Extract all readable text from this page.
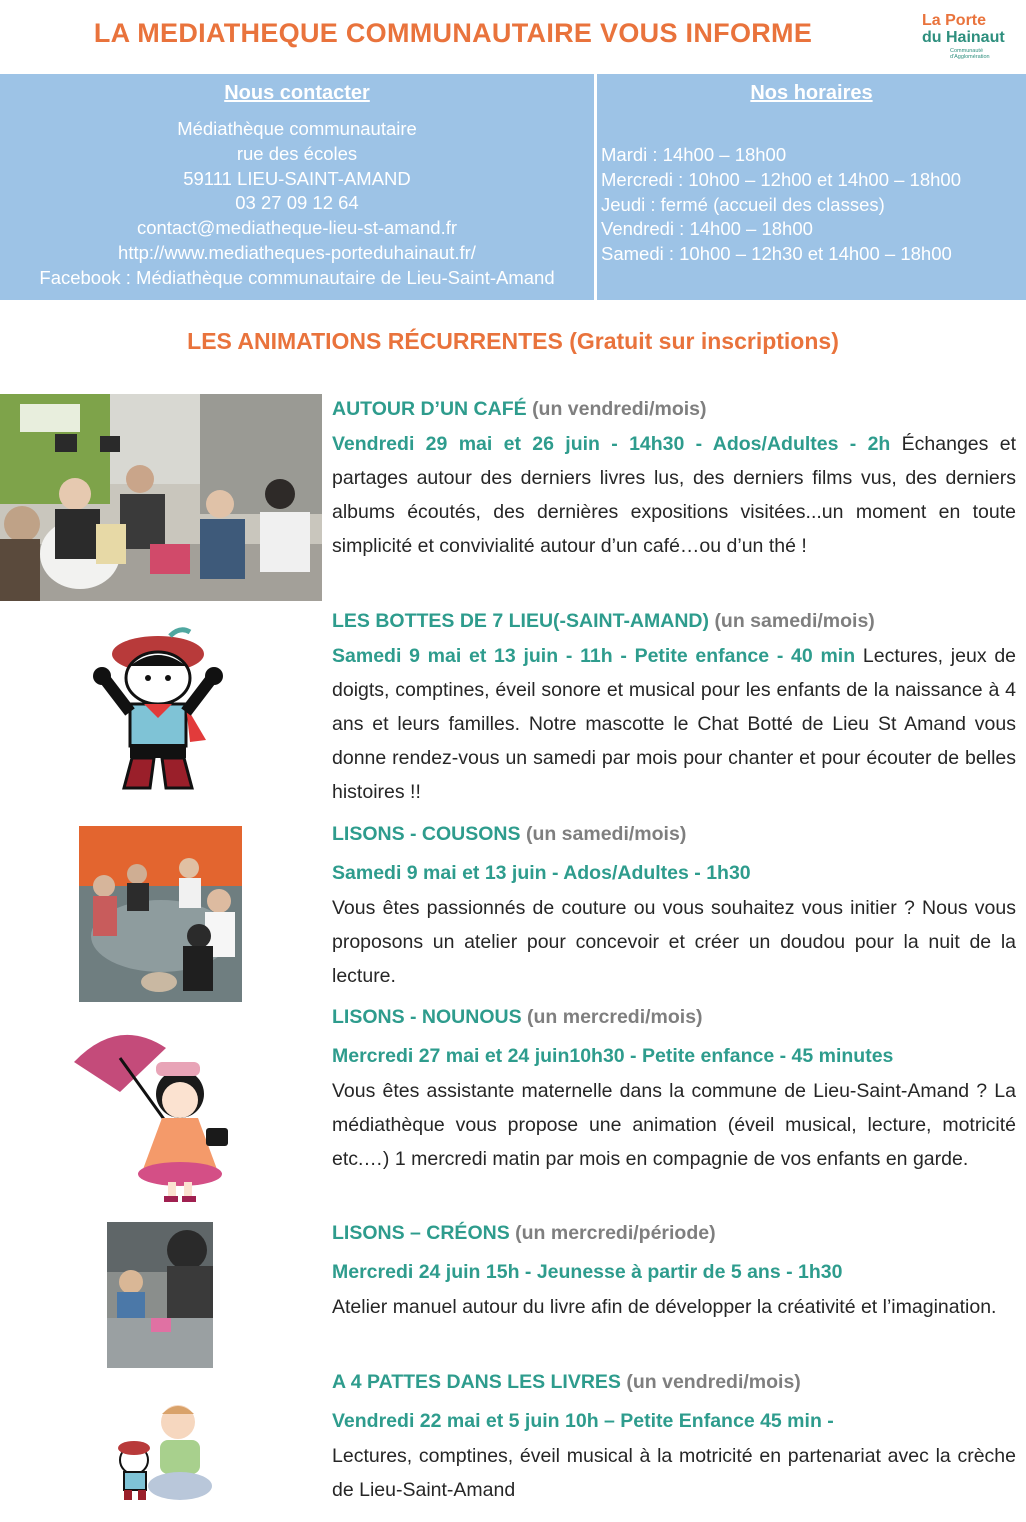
LA MEDIATHEQUE COMMUNAUTAIRE VOUS INFORME	La Porte
du Hainaut
Communauté d'Agglomération
Nous contacter
Médiathèque communautaire
rue des écoles
59111 LIEU-SAINT-AMAND
03 27 09 12 64
contact@mediatheque-lieu-st-amand.fr
http://www.mediatheques-porteduhainaut.fr/
Facebook : Médiathèque communautaire de Lieu-Saint-Amand
Nos horaires
Mardi : 14h00 – 18h00
Mercredi : 10h00 – 12h00 et 14h00 – 18h00
Jeudi : fermé (accueil des classes)
Vendredi : 14h00 – 18h00
Samedi : 10h00 – 12h30 et 14h00 – 18h00
LES ANIMATIONS RÉCURRENTES (Gratuit sur inscriptions)
AUTOUR D’UN CAFÉ (un vendredi/mois)
Vendredi 29 mai et 26 juin - 14h30 - Ados/Adultes - 2h Échanges et partages autour des derniers livres lus, des derniers films vus, des derniers albums écoutés, des dernières expositions visitées...un moment en toute simplicité et convivialité autour d’un café…ou d’un thé !
LES BOTTES DE 7 LIEU(-SAINT-AMAND) (un samedi/mois)
Samedi 9 mai et 13 juin - 11h - Petite enfance - 40 min Lectures, jeux de doigts, comptines, éveil sonore et musical pour les enfants de la naissance à 4 ans et leurs familles. Notre mascotte le Chat Botté de Lieu St Amand vous donne rendez-vous un samedi par mois pour chanter et pour écouter de belles histoires !!
LISONS - COUSONS (un samedi/mois)
Samedi 9 mai et 13 juin - Ados/Adultes - 1h30
Vous êtes passionnés de couture ou vous souhaitez vous initier ? Nous vous proposons un atelier pour concevoir et créer un doudou pour la nuit de la lecture.
LISONS - NOUNOUS (un mercredi/mois)
Mercredi 27 mai et 24 juin10h30 - Petite enfance - 45 minutes
Vous êtes assistante maternelle dans la commune de Lieu-Saint-Amand ? La médiathèque vous propose une animation (éveil musical, lecture, motricité etc.…) 1 mercredi matin par mois en compagnie de vos enfants en garde.
LISONS – CRÉONS (un mercredi/période)
Mercredi 24 juin 15h - Jeunesse à partir de 5 ans - 1h30
Atelier manuel autour du livre afin de développer la créativité et l’imagination.
A 4 PATTES DANS LES LIVRES (un vendredi/mois)
Vendredi 22 mai et 5 juin 10h – Petite Enfance 45 min -
Lectures, comptines, éveil musical à la motricité en partenariat avec la crèche de Lieu-Saint-Amand
